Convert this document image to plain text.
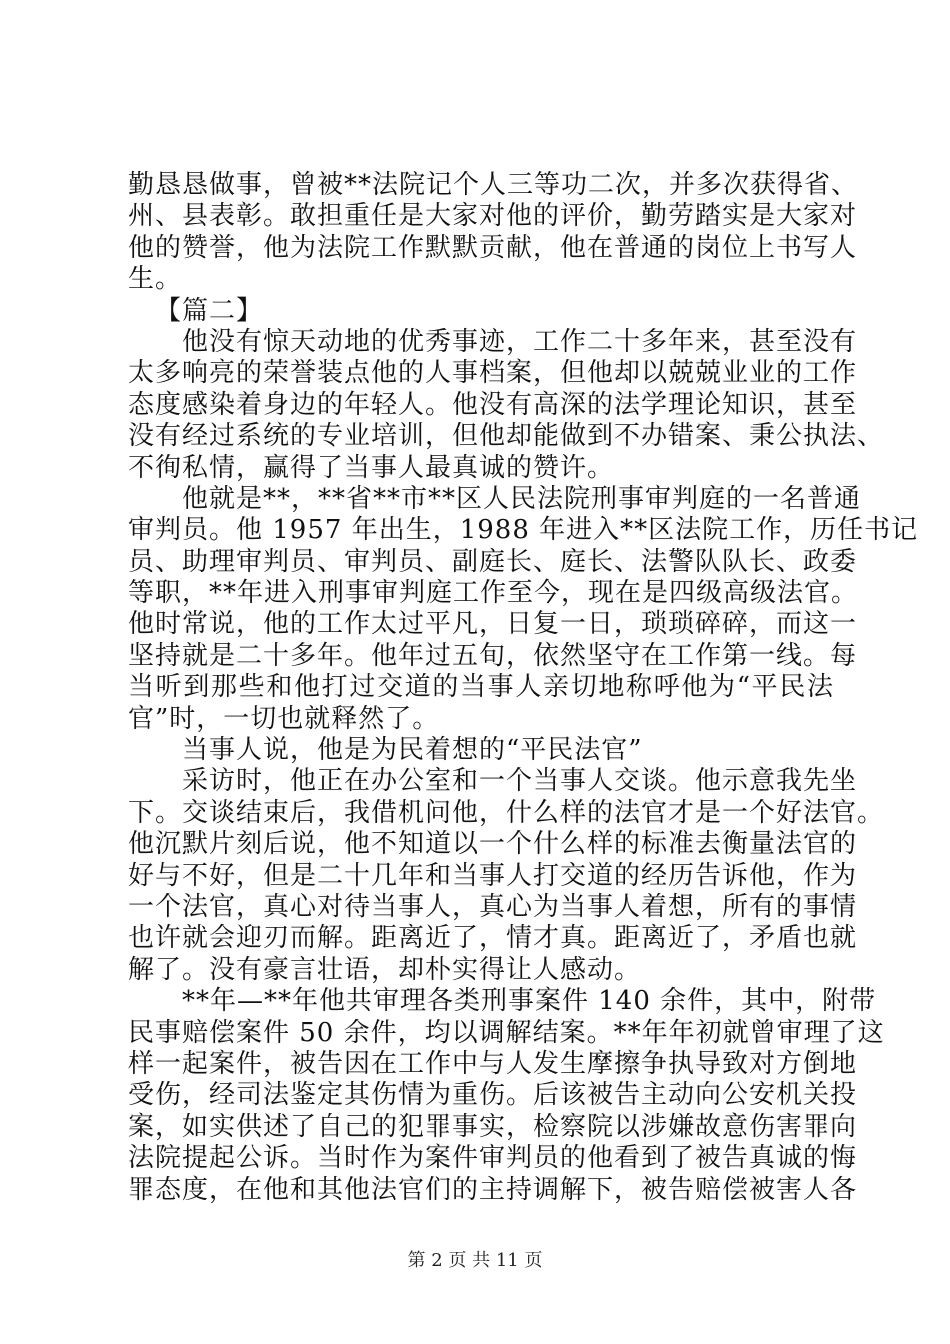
勤恳恳做事，曾被**法院记个人三等功二次，并多次获得省、
州、县表彰。敢担重任是大家对他的评价，勤劳踏实是大家对
他的赞誉，他为法院工作默默贡献，他在普通的岗位上书写人
生。
【篇二】
他没有惊天动地的优秀事迹，工作二十多年来，甚至没有
太多响亮的荣誉装点他的人事档案，但他却以兢兢业业的工作
态度感染着身边的年轻人。他没有高深的法学理论知识，甚至
没有经过系统的专业培训，但他却能做到不办错案、秉公执法、
不徇私情，赢得了当事人最真诚的赞许。
他就是**，**省**市**区人民法院刑事审判庭的一名普通
审判员。他 1957 年出生，1988 年进入**区法院工作，历任书记
员、助理审判员、审判员、副庭长、庭长、法警队队长、政委
等职，**年进入刑事审判庭工作至今，现在是四级高级法官。
他时常说，他的工作太过平凡，日复一日，琐琐碎碎，而这一
坚持就是二十多年。他年过五旬，依然坚守在工作第一线。每
当听到那些和他打过交道的当事人亲切地称呼他为“平民法
官”时，一切也就释然了。
当事人说，他是为民着想的“平民法官”
采访时，他正在办公室和一个当事人交谈。他示意我先坐
下。交谈结束后，我借机问他，什么样的法官才是一个好法官。
他沉默片刻后说，他不知道以一个什么样的标准去衡量法官的
好与不好，但是二十几年和当事人打交道的经历告诉他，作为
一个法官，真心对待当事人，真心为当事人着想，所有的事情
也许就会迎刃而解。距离近了，情才真。距离近了，矛盾也就
解了。没有豪言壮语，却朴实得让人感动。
**年—**年他共审理各类刑事案件 140 余件，其中，附带
民事赔偿案件 50 余件，均以调解结案。**年年初就曾审理了这
样一起案件，被告因在工作中与人发生摩擦争执导致对方倒地
受伤，经司法鉴定其伤情为重伤。后该被告主动向公安机关投
案，如实供述了自己的犯罪事实，检察院以涉嫌故意伤害罪向
法院提起公诉。当时作为案件审判员的他看到了被告真诚的悔
罪态度，在他和其他法官们的主持调解下，被告赔偿被害人各
第 2 页 共 11 页
